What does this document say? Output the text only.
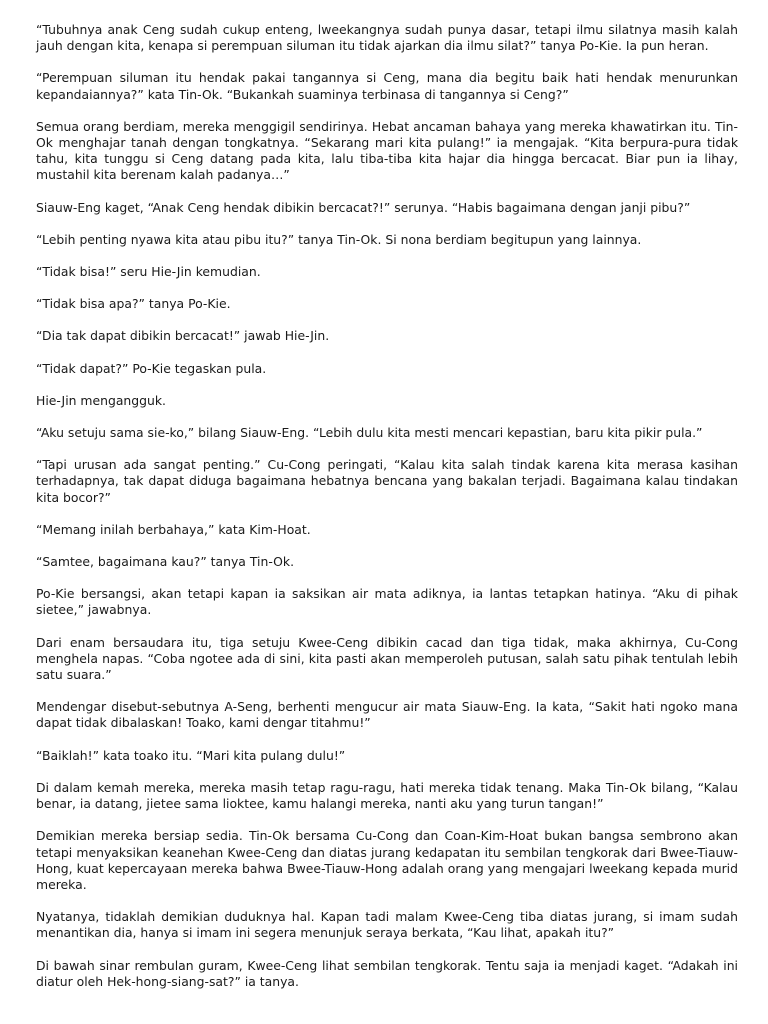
“Tubuhnya anak Ceng sudah cukup enteng, lweekangnya sudah punya dasar, tetapi ilmu silatnya masih kalah jauh dengan kita, kenapa si perempuan siluman itu tidak ajarkan dia ilmu silat?” tanya Po-Kie. Ia pun heran.

“Perempuan siluman itu hendak pakai tangannya si Ceng, mana dia begitu baik hati hendak menurunkan kepandaiannya?” kata Tin-Ok. “Bukankah suaminya terbinasa di tangannya si Ceng?”

Semua orang berdiam, mereka menggigil sendirinya. Hebat ancaman bahaya yang mereka khawatirkan itu. Tin-Ok menghajar tanah dengan tongkatnya. “Sekarang mari kita pulang!” ia mengajak. “Kita berpura-pura tidak tahu, kita tunggu si Ceng datang pada kita, lalu tiba-tiba kita hajar dia hingga bercacat. Biar pun ia lihay, mustahil kita berenam kalah padanya…”

Siauw-Eng kaget, “Anak Ceng hendak dibikin bercacat?!” serunya. “Habis bagaimana dengan janji pibu?”

“Lebih penting nyawa kita atau pibu itu?” tanya Tin-Ok. Si nona berdiam begitupun yang lainnya.

“Tidak bisa!” seru Hie-Jin kemudian.

“Tidak bisa apa?” tanya Po-Kie.

“Dia tak dapat dibikin bercacat!” jawab Hie-Jin.

“Tidak dapat?” Po-Kie tegaskan pula.

Hie-Jin mengangguk.

“Aku setuju sama sie-ko,” bilang Siauw-Eng. “Lebih dulu kita mesti mencari kepastian, baru kita pikir pula.”

“Tapi urusan ada sangat penting.” Cu-Cong peringati, “Kalau kita salah tindak karena kita merasa kasihan terhadapnya, tak dapat diduga bagaimana hebatnya bencana yang bakalan terjadi. Bagaimana kalau tindakan kita bocor?”

“Memang inilah berbahaya,” kata Kim-Hoat.

“Samtee, bagaimana kau?” tanya Tin-Ok.

Po-Kie bersangsi, akan tetapi kapan ia saksikan air mata adiknya, ia lantas tetapkan hatinya. “Aku di pihak sietee,” jawabnya.

Dari enam bersaudara itu, tiga setuju Kwee-Ceng dibikin cacad dan tiga tidak, maka akhirnya, Cu-Cong menghela napas. “Coba ngotee ada di sini, kita pasti akan memperoleh putusan, salah satu pihak tentulah lebih satu suara.”

Mendengar disebut-sebutnya A-Seng, berhenti mengucur air mata Siauw-Eng. Ia kata, “Sakit hati ngoko mana dapat tidak dibalaskan! Toako, kami dengar titahmu!”

“Baiklah!” kata toako itu. “Mari kita pulang dulu!”

Di dalam kemah mereka, mereka masih tetap ragu-ragu, hati mereka tidak tenang. Maka Tin-Ok bilang, “Kalau benar, ia datang, jietee sama lioktee, kamu halangi mereka, nanti aku yang turun tangan!”

Demikian mereka bersiap sedia. Tin-Ok bersama Cu-Cong dan Coan-Kim-Hoat bukan bangsa sembrono akan tetapi menyaksikan keanehan Kwee-Ceng dan diatas jurang kedapatan itu sembilan tengkorak dari Bwee-Tiauw-Hong, kuat kepercayaan mereka bahwa Bwee-Tiauw-Hong adalah orang yang mengajari lweekang kepada murid mereka.

Nyatanya, tidaklah demikian duduknya hal. Kapan tadi malam Kwee-Ceng tiba diatas jurang, si imam sudah menantikan dia, hanya si imam ini segera menunjuk seraya berkata, “Kau lihat, apakah itu?”

Di bawah sinar rembulan guram, Kwee-Ceng lihat sembilan tengkorak. Tentu saja ia menjadi kaget. “Adakah ini diatur oleh Hek-hong-siang-sat?” ia tanya.
